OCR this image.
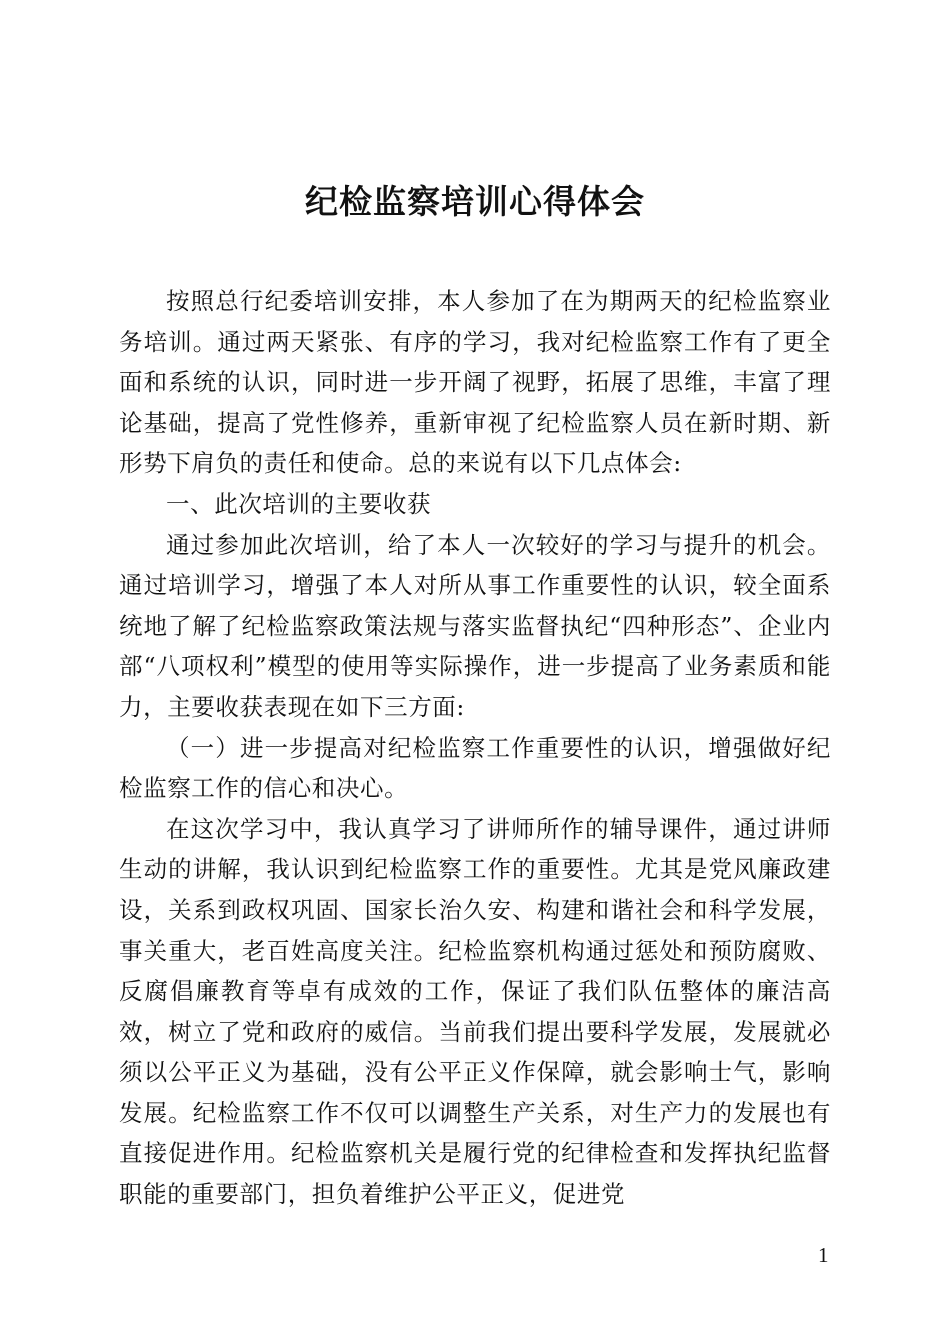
纪检监察培训心得体会

按照总行纪委培训安排，本人参加了在为期两天的纪检监察业务培训。通过两天紧张、有序的学习，我对纪检监察工作有了更全面和系统的认识，同时进一步开阔了视野，拓展了思维，丰富了理论基础，提高了党性修养，重新审视了纪检监察人员在新时期、新形势下肩负的责任和使命。总的来说有以下几点体会:

一、此次培训的主要收获

通过参加此次培训，给了本人一次较好的学习与提升的机会。通过培训学习，增强了本人对所从事工作重要性的认识，较全面系统地了解了纪检监察政策法规与落实监督执纪“四种形态”、企业内部“八项权利”模型的使用等实际操作，进一步提高了业务素质和能力，主要收获表现在如下三方面:

（一）进一步提高对纪检监察工作重要性的认识，增强做好纪检监察工作的信心和决心。

在这次学习中，我认真学习了讲师所作的辅导课件，通过讲师生动的讲解，我认识到纪检监察工作的重要性。尤其是党风廉政建设，关系到政权巩固、国家长治久安、构建和谐社会和科学发展，事关重大，老百姓高度关注。纪检监察机构通过惩处和预防腐败、反腐倡廉教育等卓有成效的工作，保证了我们队伍整体的廉洁高效，树立了党和政府的威信。当前我们提出要科学发展，发展就必须以公平正义为基础，没有公平正义作保障，就会影响士气，影响发展。纪检监察工作不仅可以调整生产关系，对生产力的发展也有直接促进作用。纪检监察机关是履行党的纪律检查和发挥执纪监督职能的重要部门，担负着维护公平正义，促进党

1
